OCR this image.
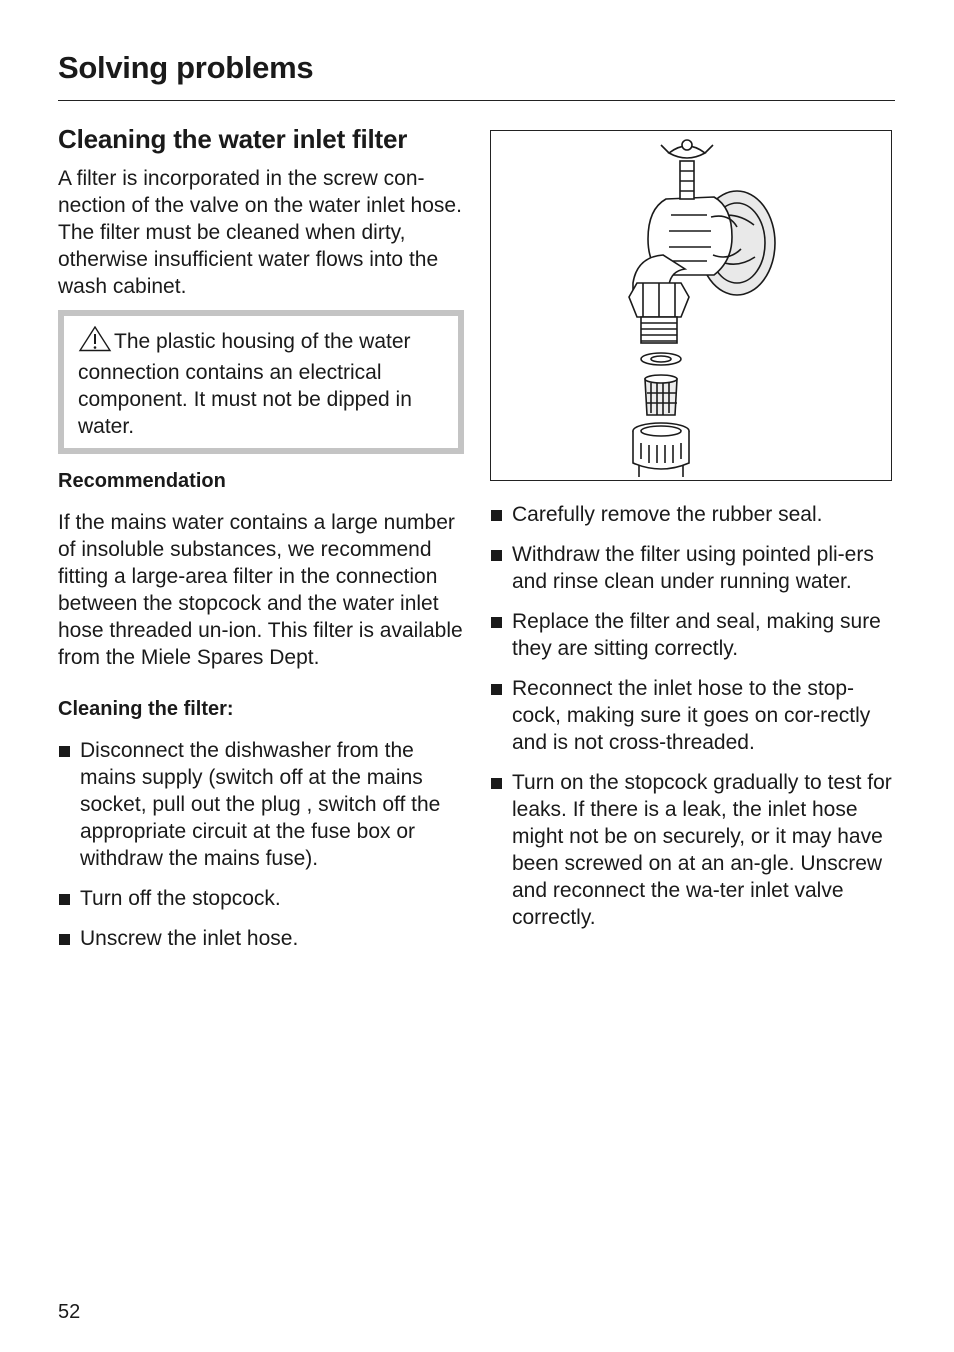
Solving problems
Cleaning the water inlet filter

A filter is incorporated in the screw con-nection of the valve on the water inlet hose. The filter must be cleaned when dirty, otherwise insufficient water flows into the wash cabinet.

The plastic housing of the water connection contains an electrical component. It must not be dipped in water.
Recommendation

If the mains water contains a large number of insoluble substances, we recommend fitting a large-area filter in the connection between the stopcock and the water inlet hose threaded un-ion. This filter is available from the Miele Spares Dept.

Cleaning the filter:
Disconnect the dishwasher from the mains supply (switch off at the mains socket, pull out the plug , switch off the appropriate circuit at the fuse box or withdraw the mains fuse).
Turn off the stopcock.
Unscrew the inlet hose.
Carefully remove the rubber seal.
Withdraw the filter using pointed pli-ers and rinse clean under running water.
Replace the filter and seal, making sure they are sitting correctly.
Reconnect the inlet hose to the stop-cock, making sure it goes on cor-rectly and is not cross-threaded.
Turn on the stopcock gradually to test for leaks. If there is a leak, the inlet hose might not be on securely, or it may have been screwed on at an an-gle. Unscrew and reconnect the wa-ter inlet valve correctly.
52
